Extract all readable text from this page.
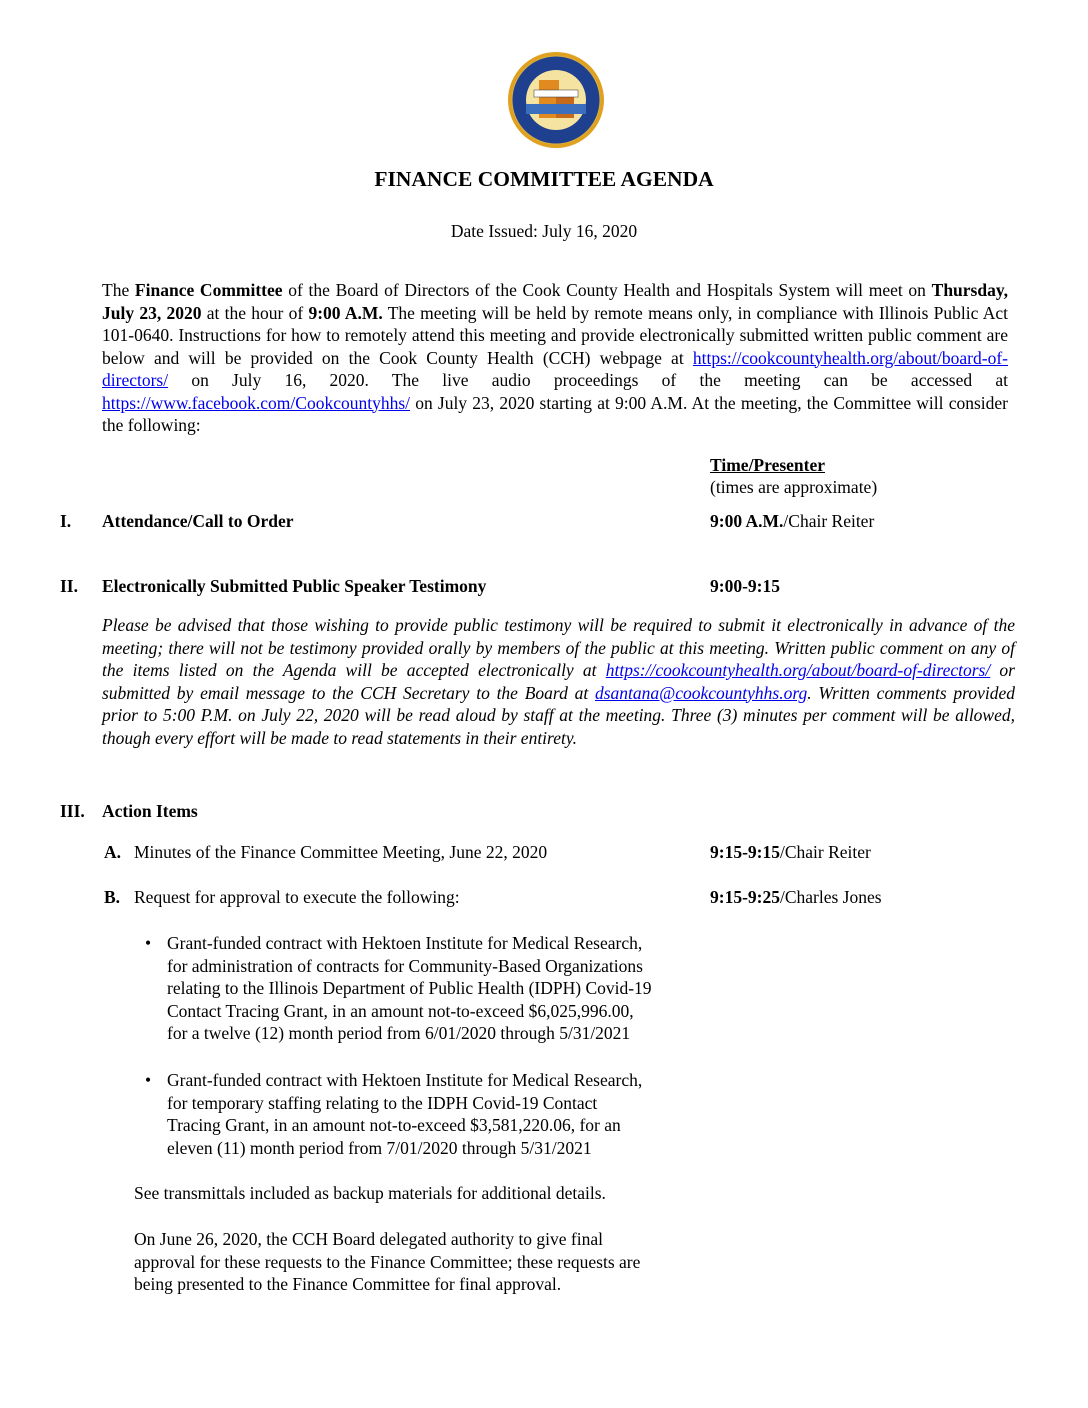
FINANCE COMMITTEE AGENDA
Date Issued: July 16, 2020
The Finance Committee of the Board of Directors of the Cook County Health and Hospitals System will meet on Thursday, July 23, 2020 at the hour of 9:00 A.M. The meeting will be held by remote means only, in compliance with Illinois Public Act 101-0640. Instructions for how to remotely attend this meeting and provide electronically submitted written public comment are below and will be provided on the Cook County Health (CCH) webpage at https://cookcountyhealth.org/about/board-of-directors/ on July 16, 2020. The live audio proceedings of the meeting can be accessed at https://www.facebook.com/Cookcountyhhs/ on July 23, 2020 starting at 9:00 A.M. At the meeting, the Committee will consider the following:
Time/Presenter
(times are approximate)
I. Attendance/Call to Order	9:00 A.M./Chair Reiter
II. Electronically Submitted Public Speaker Testimony	9:00-9:15
Please be advised that those wishing to provide public testimony will be required to submit it electronically in advance of the meeting; there will not be testimony provided orally by members of the public at this meeting. Written public comment on any of the items listed on the Agenda will be accepted electronically at https://cookcountyhealth.org/about/board-of-directors/ or submitted by email message to the CCH Secretary to the Board at dsantana@cookcountyhhs.org. Written comments provided prior to 5:00 P.M. on July 22, 2020 will be read aloud by staff at the meeting. Three (3) minutes per comment will be allowed, though every effort will be made to read statements in their entirety.
III. Action Items
A. Minutes of the Finance Committee Meeting, June 22, 2020	9:15-9:15/Chair Reiter
B. Request for approval to execute the following:	9:15-9:25/Charles Jones
• Grant-funded contract with Hektoen Institute for Medical Research,
for administration of contracts for Community-Based Organizations
relating to the Illinois Department of Public Health (IDPH) Covid-19
Contact Tracing Grant, in an amount not-to-exceed $6,025,996.00,
for a twelve (12) month period from 6/01/2020 through 5/31/2021
• Grant-funded contract with Hektoen Institute for Medical Research,
for temporary staffing relating to the IDPH Covid-19 Contact
Tracing Grant, in an amount not-to-exceed $3,581,220.06, for an
eleven (11) month period from 7/01/2020 through 5/31/2021
See transmittals included as backup materials for additional details.
On June 26, 2020, the CCH Board delegated authority to give final
approval for these requests to the Finance Committee; these requests are
being presented to the Finance Committee for final approval.
